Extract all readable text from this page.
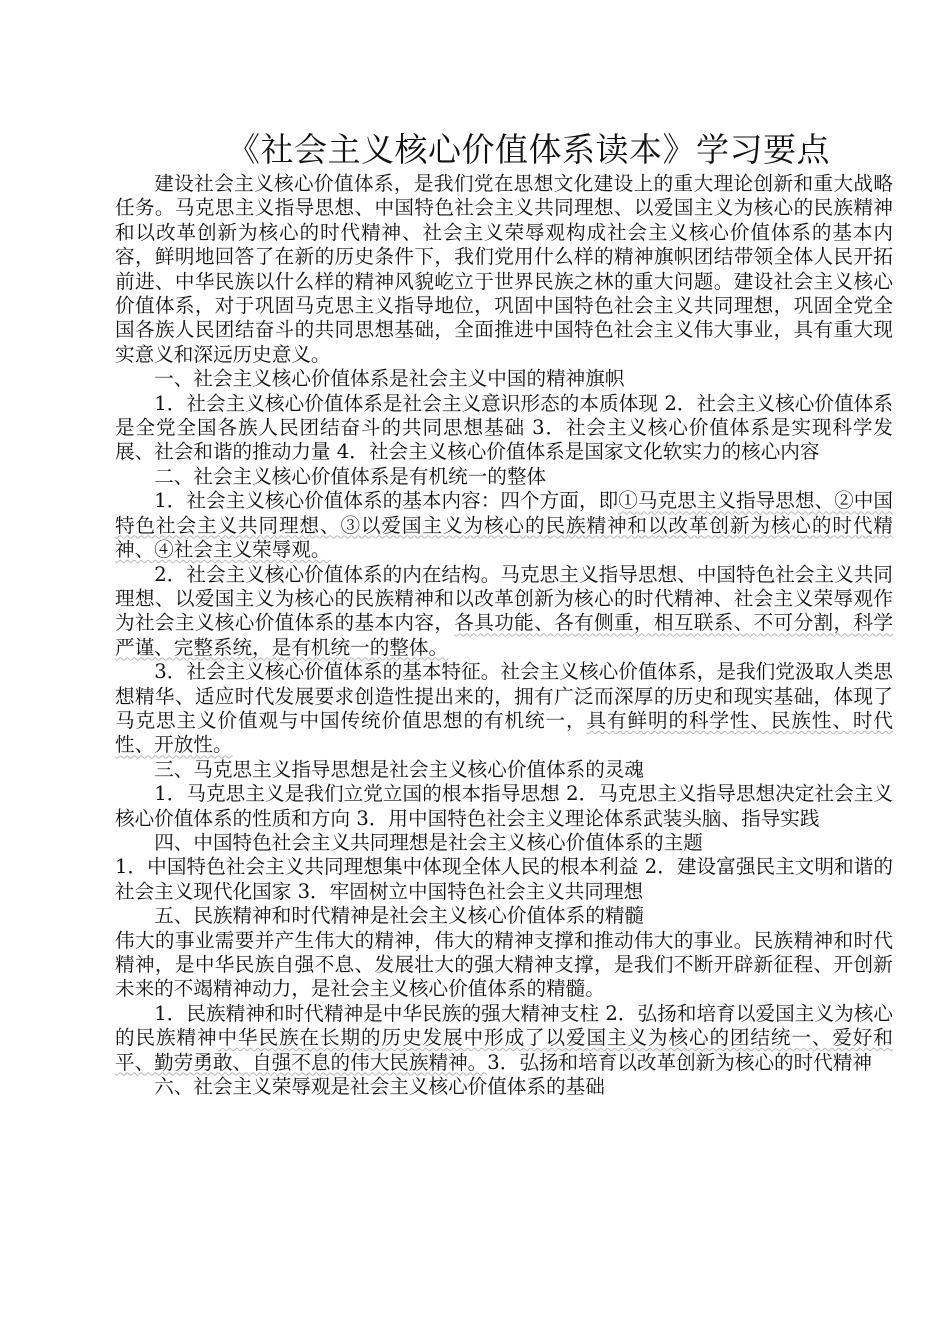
《社会主义核心价值体系读本》学习要点

建设社会主义核心价值体系，是我们党在思想文化建设上的重大理论创新和重大战略任务。马克思主义指导思想、中国特色社会主义共同理想、以爱国主义为核心的民族精神和以改革创新为核心的时代精神、社会主义荣辱观构成社会主义核心价值体系的基本内容，鲜明地回答了在新的历史条件下，我们党用什么样的精神旗帜团结带领全体人民开拓前进、中华民族以什么样的精神风貌屹立于世界民族之林的重大问题。建设社会主义核心价值体系，对于巩固马克思主义指导地位，巩固中国特色社会主义共同理想，巩固全党全国各族人民团结奋斗的共同思想基础，全面推进中国特色社会主义伟大事业，具有重大现实意义和深远历史意义。

一、社会主义核心价值体系是社会主义中国的精神旗帜

1．社会主义核心价值体系是社会主义意识形态的本质体现 2．社会主义核心价值体系是全党全国各族人民团结奋斗的共同思想基础 3．社会主义核心价值体系是实现科学发展、社会和谐的推动力量 4．社会主义核心价值体系是国家文化软实力的核心内容

二、社会主义核心价值体系是有机统一的整体

1．社会主义核心价值体系的基本内容：四个方面，即①马克思主义指导思想、②中国特色社会主义共同理想、③以爱国主义为核心的民族精神和以改革创新为核心的时代精神、④社会主义荣辱观。

2．社会主义核心价值体系的内在结构。马克思主义指导思想、中国特色社会主义共同理想、以爱国主义为核心的民族精神和以改革创新为核心的时代精神、社会主义荣辱观作为社会主义核心价值体系的基本内容，各具功能、各有侧重，相互联系、不可分割，科学严谨、完整系统，是有机统一的整体。

3．社会主义核心价值体系的基本特征。社会主义核心价值体系，是我们党汲取人类思想精华、适应时代发展要求创造性提出来的，拥有广泛而深厚的历史和现实基础，体现了马克思主义价值观与中国传统价值思想的有机统一，具有鲜明的科学性、民族性、时代性、开放性。

三、马克思主义指导思想是社会主义核心价值体系的灵魂

1．马克思主义是我们立党立国的根本指导思想 2．马克思主义指导思想决定社会主义核心价值体系的性质和方向 3．用中国特色社会主义理论体系武装头脑、指导实践

四、中国特色社会主义共同理想是社会主义核心价值体系的主题

1．中国特色社会主义共同理想集中体现全体人民的根本利益 2．建设富强民主文明和谐的社会主义现代化国家 3．牢固树立中国特色社会主义共同理想

五、民族精神和时代精神是社会主义核心价值体系的精髓

伟大的事业需要并产生伟大的精神，伟大的精神支撑和推动伟大的事业。民族精神和时代精神，是中华民族自强不息、发展壮大的强大精神支撑，是我们不断开辟新征程、开创新未来的不竭精神动力，是社会主义核心价值体系的精髓。

1．民族精神和时代精神是中华民族的强大精神支柱 2．弘扬和培育以爱国主义为核心的民族精神中华民族在长期的历史发展中形成了以爱国主义为核心的团结统一、爱好和平、勤劳勇敢、自强不息的伟大民族精神。3．弘扬和培育以改革创新为核心的时代精神

六、社会主义荣辱观是社会主义核心价值体系的基础
